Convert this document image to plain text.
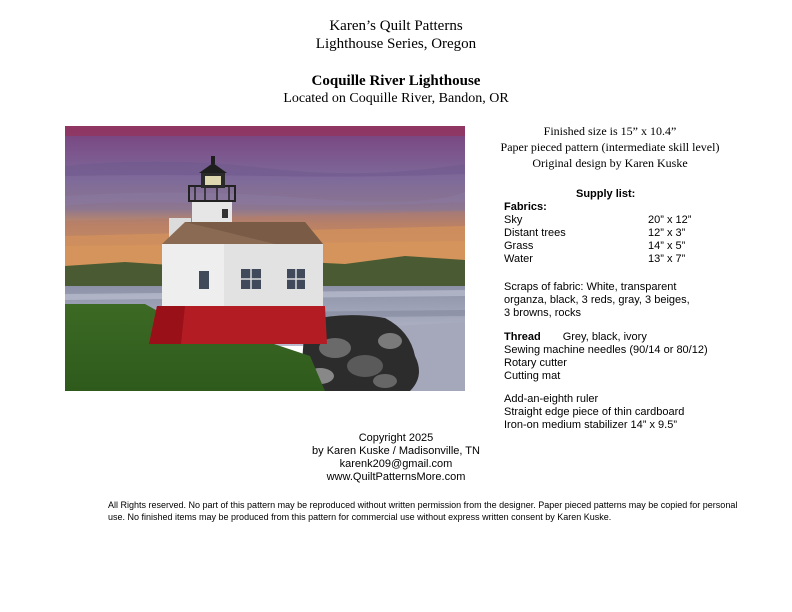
Karen’s Quilt Patterns
Lighthouse Series, Oregon
Coquille River Lighthouse
Located on Coquille River, Bandon, OR
Finished size is 15” x 10.4”
Paper pieced pattern (intermediate skill level)
Original design by Karen Kuske
Supply list:
Fabrics:
Sky	20” x 12”
Distant trees	12” x 3”
Grass	14” x 5”
Water	13” x 7”
Scraps of fabric: White, transparent
organza, black, 3 reds, gray, 3 beiges,
3 browns, rocks
Thread Grey, black, ivory
Sewing machine needles (90/14 or 80/12)
Rotary cutter
Cutting mat
Add-an-eighth ruler
Straight edge piece of thin cardboard
Iron-on medium stabilizer 14” x 9.5”
Copyright 2025
by Karen Kuske / Madisonville, TN
karenk209@gmail.com
www.QuiltPatternsMore.com
All Rights reserved. No part of this pattern may be reproduced without written permission from the designer. Paper pieced patterns may be copied for personal use. No finished items may be produced from this pattern for commercial use without express written consent by Karen Kuske.
